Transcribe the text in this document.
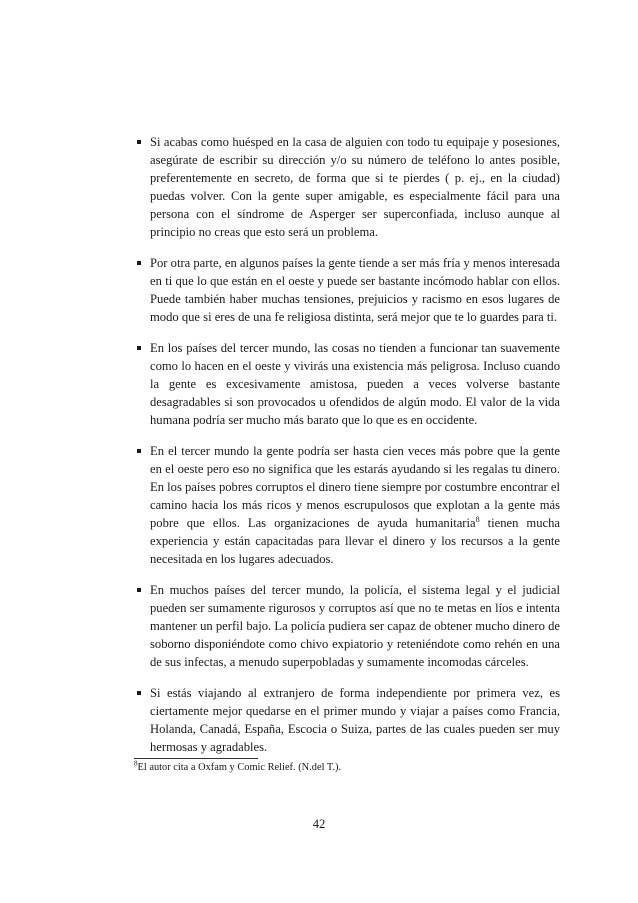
Si acabas como huésped en la casa de alguien con todo tu equipaje y posesiones, asegúrate de escribir su dirección y/o su número de teléfono lo antes posible, preferentemente en secreto, de forma que si te pierdes ( p. ej., en la ciudad) puedas volver. Con la gente super amigable, es especialmente fácil para una persona con el síndrome de Asperger ser superconfiada, incluso aunque al principio no creas que esto será un problema.
Por otra parte, en algunos países la gente tiende a ser más fría y menos interesada en ti que lo que están en el oeste y puede ser bastante incómodo hablar con ellos. Puede también haber muchas tensiones, prejuicios y racismo en esos lugares de modo que si eres de una fe religiosa distinta, será mejor que te lo guardes para ti.
En los países del tercer mundo, las cosas no tienden a funcionar tan suavemente como lo hacen en el oeste y vivirás una existencia más peligrosa. Incluso cuando la gente es excesivamente amistosa, pueden a veces volverse bastante desagradables si son provocados u ofendidos de algún modo. El valor de la vida humana podría ser mucho más barato que lo que es en occidente.
En el tercer mundo la gente podría ser hasta cien veces más pobre que la gente en el oeste pero eso no significa que les estarás ayudando si les regalas tu dinero. En los países pobres corruptos el dinero tiene siempre por costumbre encontrar el camino hacia los más ricos y menos escrupulosos que explotan a la gente más pobre que ellos. Las organizaciones de ayuda humanitaria$^8$ tienen mucha experiencia y están capacitadas para llevar el dinero y los recursos a la gente necesitada en los lugares adecuados.
En muchos países del tercer mundo, la policía, el sistema legal y el judicial pueden ser sumamente rigurosos y corruptos así que no te metas en líos e intenta mantener un perfil bajo. La policía pudiera ser capaz de obtener mucho dinero de soborno disponiéndote como chivo expiatorio y reteniéndote como rehén en una de sus infectas, a menudo superpobladas y sumamente incomodas cárceles.
Si estás viajando al extranjero de forma independiente por primera vez, es ciertamente mejor quedarse en el primer mundo y viajar a países como Francia, Holanda, Canadá, España, Escocia o Suiza, partes de las cuales pueden ser muy hermosas y agradables.
$^8$El autor cita a Oxfam y Comic Relief. (N.del T.).
42
